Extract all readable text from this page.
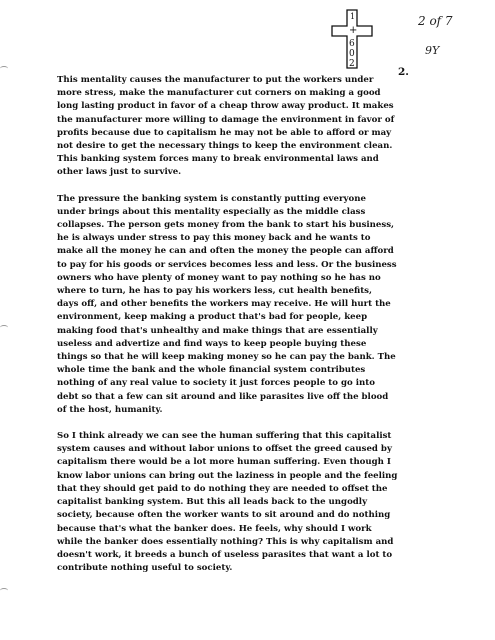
1
+
6
0
2
2 of 7
9Y
2.

This mentality causes the manufacturer to put the workers under
more stress, make the manufacturer cut corners on making a good
long lasting product in favor of a cheap throw away product. It makes
the manufacturer more willing to damage the environment in favor of
profits because due to capitalism he may not be able to afford or may
not desire to get the necessary things to keep the environment clean.
This banking system forces many to break environmental laws and
other laws just to survive.

The pressure the banking system is constantly putting everyone
under brings about this mentality especially as the middle class
collapses. The person gets money from the bank to start his business,
he is always under stress to pay this money back and he wants to
make all the money he can and often the money the people can afford
to pay for his goods or services becomes less and less. Or the business
owners who have plenty of money want to pay nothing so he has no
where to turn, he has to pay his workers less, cut health benefits,
days off, and other benefits the workers may receive. He will hurt the
environment, keep making a product that's bad for people, keep
making food that's unhealthy and make things that are essentially
useless and advertize and find ways to keep people buying these
things so that he will keep making money so he can pay the bank. The
whole time the bank and the whole financial system contributes
nothing of any real value to society it just forces people to go into
debt so that a few can sit around and like parasites live off the blood
of the host, humanity.

So I think already we can see the human suffering that this capitalist
system causes and without labor unions to offset the greed caused by
capitalism there would be a lot more human suffering. Even though I
know labor unions can bring out the laziness in people and the feeling
that they should get paid to do nothing they are needed to offset the
capitalist banking system. But this all leads back to the ungodly
society, because often the worker wants to sit around and do nothing
because that's what the banker does. He feels, why should I work
while the banker does essentially nothing? This is why capitalism and
doesn't work, it breeds a bunch of useless parasites that want a lot to
contribute nothing useful to society.
